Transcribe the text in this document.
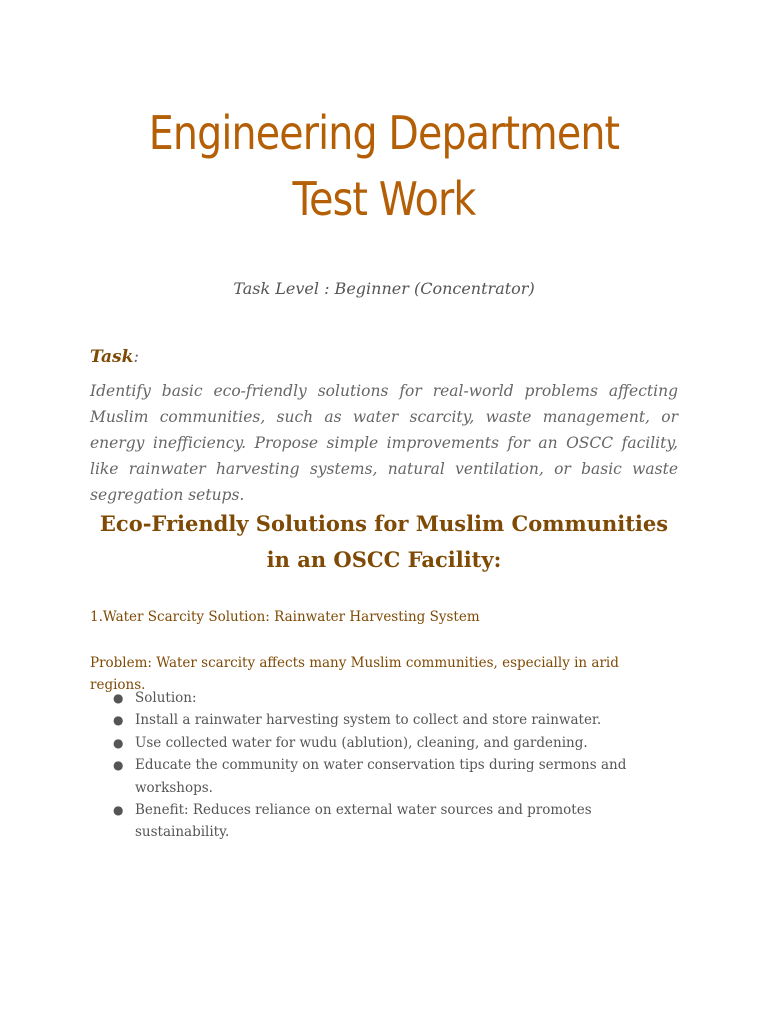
Engineering Department Test Work

Task Level : Beginner (Concentrator)

Task:

Identify basic eco-friendly solutions for real-world problems affecting Muslim communities, such as water scarcity, waste management, or energy inefficiency. Propose simple improvements for an OSCC facility, like rainwater harvesting systems, natural ventilation, or basic waste segregation setups.

Eco-Friendly Solutions for Muslim Communities in an OSCC Facility:

1.Water Scarcity Solution: Rainwater Harvesting System

Problem: Water scarcity affects many Muslim communities, especially in arid regions.

● Solution:
● Install a rainwater harvesting system to collect and store rainwater.
● Use collected water for wudu (ablution), cleaning, and gardening.
● Educate the community on water conservation tips during sermons and workshops.
● Benefit: Reduces reliance on external water sources and promotes sustainability.
